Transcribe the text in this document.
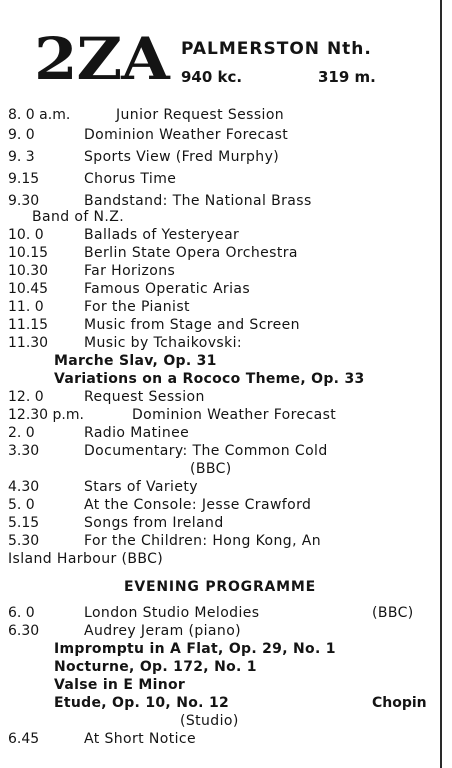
2ZA PALMERSTON Nth.
940 kc.	319 m.
8. 0 a.m.	Junior Request Session
9. 0	Dominion Weather Forecast
9. 3	Sports View (Fred Murphy)
9.15	Chorus Time
9.30	Bandstand: The National Brass
Band of N.Z.
10. 0	Ballads of Yesteryear
10.15	Berlin State Opera Orchestra
10.30	Far Horizons
10.45	Famous Operatic Arias
11. 0	For the Pianist
11.15	Music from Stage and Screen
11.30	Music by Tchaikovski:
Marche Slav, Op. 31
Variations on a Rococo Theme, Op. 33
12. 0	Request Session
12.30 p.m.	Dominion Weather Forecast
2. 0	Radio Matinee
3.30	Documentary: The Common Cold
(BBC)
4.30	Stars of Variety
5. 0	At the Console: Jesse Crawford
5.15	Songs from Ireland
5.30	For the Children: Hong Kong, An
Island Harbour (BBC)
EVENING PROGRAMME
6. 0	London Studio Melodies	(BBC)
6.30	Audrey Jeram (piano)
Impromptu in A Flat, Op. 29, No. 1
Nocturne, Op. 172, No. 1
Valse in E Minor
Etude, Op. 10, No. 12	Chopin
(Studio)
6.45	At Short Notice
